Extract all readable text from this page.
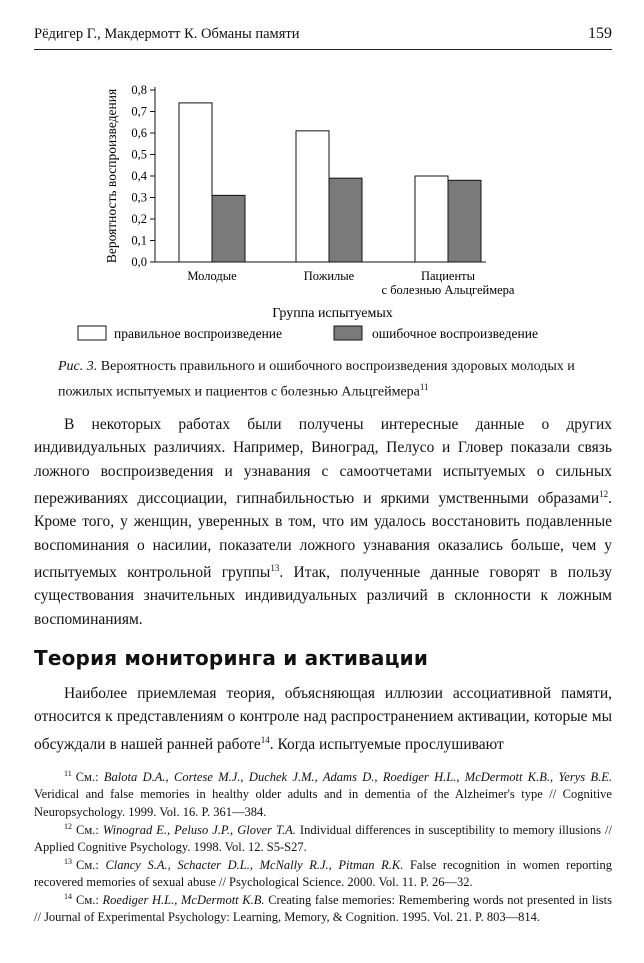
Рёдигер Г., Макдермотт К. Обманы памяти	159
0,0
0,1
0,2
0,3
0,4
0,5
0,6
0,7
0,8
Вероятность воспроизведения
Молодые	Пожилые	Пациенты
с болезнью Альцгеймера
Группа испытуемых
правильное воспроизведение	ошибочное воспроизведение
Рис. 3. Вероятность правильного и ошибочного воспроизведения здоровых молодых и пожилых испытуемых и пациентов с болезнью Альцгеймера$^{11}$

В некоторых работах были получены интересные данные о других индивидуальных различиях. Например, Виноград, Пелусо и Гловер показали связь ложного воспроизведения и узнавания с самоотчетами испытуемых о сильных переживаниях диссоциации, гипнабильностью и яркими умственными образами$^{12}$. Кроме того, у женщин, уверенных в том, что им удалось восстановить подавленные воспоминания о насилии, показатели ложного узнавания оказались больше, чем у испытуемых контрольной группы$^{13}$. Итак, полученные данные говорят в пользу существования значительных индивидуальных различий в склонности к ложным воспоминаниям.

Теория мониторинга и активации

Наиболее приемлемая теория, объясняющая иллюзии ассоциативной памяти, относится к представлениям о контроле над распространением активации, которые мы обсуждали в нашей ранней работе$^{14}$. Когда испытуемые прослушивают

$^{11}$ См.: Balota D.A., Cortese M.J., Duchek J.M., Adams D., Roediger H.L., McDermott K.B., Yerys B.E. Veridical and false memories in healthy older adults and in dementia of the Alzheimer's type // Cognitive Neuropsychology. 1999. Vol. 16. P. 361—384.

$^{12}$ См.: Winograd E., Peluso J.P., Glover T.A. Individual differences in susceptibility to memory illusions // Applied Cognitive Psychology. 1998. Vol. 12. S5-S27.

$^{13}$ См.: Clancy S.A., Schacter D.L., McNally R.J., Pitman R.K. False recognition in women reporting recovered memories of sexual abuse // Psychological Science. 2000. Vol. 11. P. 26—32.

$^{14}$ См.: Roediger H.L., McDermott K.B. Creating false memories: Remembering words not presented in lists // Journal of Experimental Psychology: Learning, Memory, & Cognition. 1995. Vol. 21. P. 803—814.
